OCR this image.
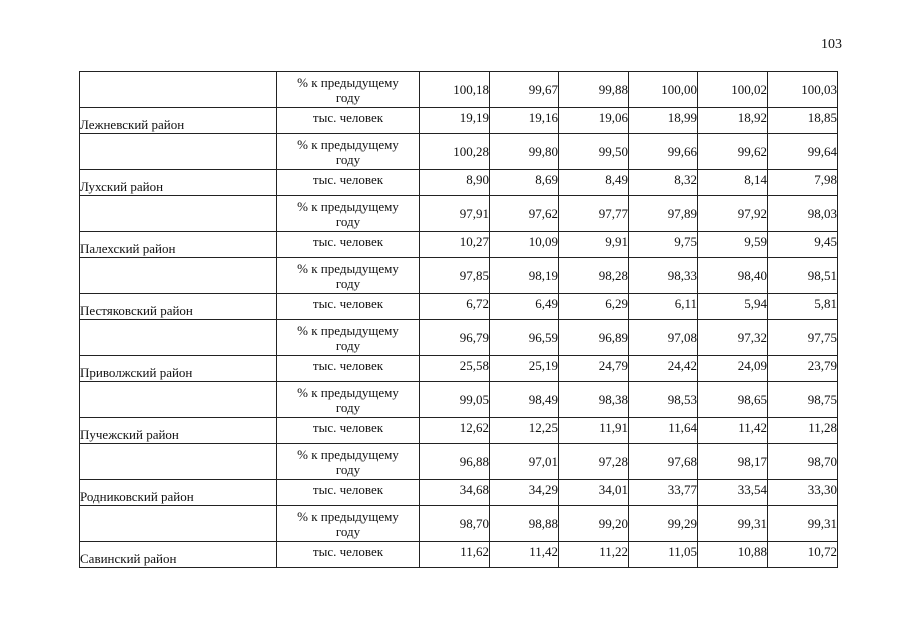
103

	% к предыдущему
году	100,18	99,67	99,88	100,00	100,02	100,03
Лежневский район	тыс. человек	19,19	19,16	19,06	18,99	18,92	18,85

	% к предыдущему
году	100,28	99,80	99,50	99,66	99,62	99,64
Лухский район	тыс. человек	8,90	8,69	8,49	8,32	8,14	7,98

	% к предыдущему
году	97,91	97,62	97,77	97,89	97,92	98,03
Палехский район	тыс. человек	10,27	10,09	9,91	9,75	9,59	9,45

	% к предыдущему
году	97,85	98,19	98,28	98,33	98,40	98,51
Пестяковский район	тыс. человек	6,72	6,49	6,29	6,11	5,94	5,81

	% к предыдущему
году	96,79	96,59	96,89	97,08	97,32	97,75
Приволжский район	тыс. человек	25,58	25,19	24,79	24,42	24,09	23,79

	% к предыдущему
году	99,05	98,49	98,38	98,53	98,65	98,75
Пучежский район	тыс. человек	12,62	12,25	11,91	11,64	11,42	11,28

	% к предыдущему
году	96,88	97,01	97,28	97,68	98,17	98,70
Родниковский район	тыс. человек	34,68	34,29	34,01	33,77	33,54	33,30

	% к предыдущему
году	98,70	98,88	99,20	99,29	99,31	99,31
Савинский район	тыс. человек	11,62	11,42	11,22	11,05	10,88	10,72
